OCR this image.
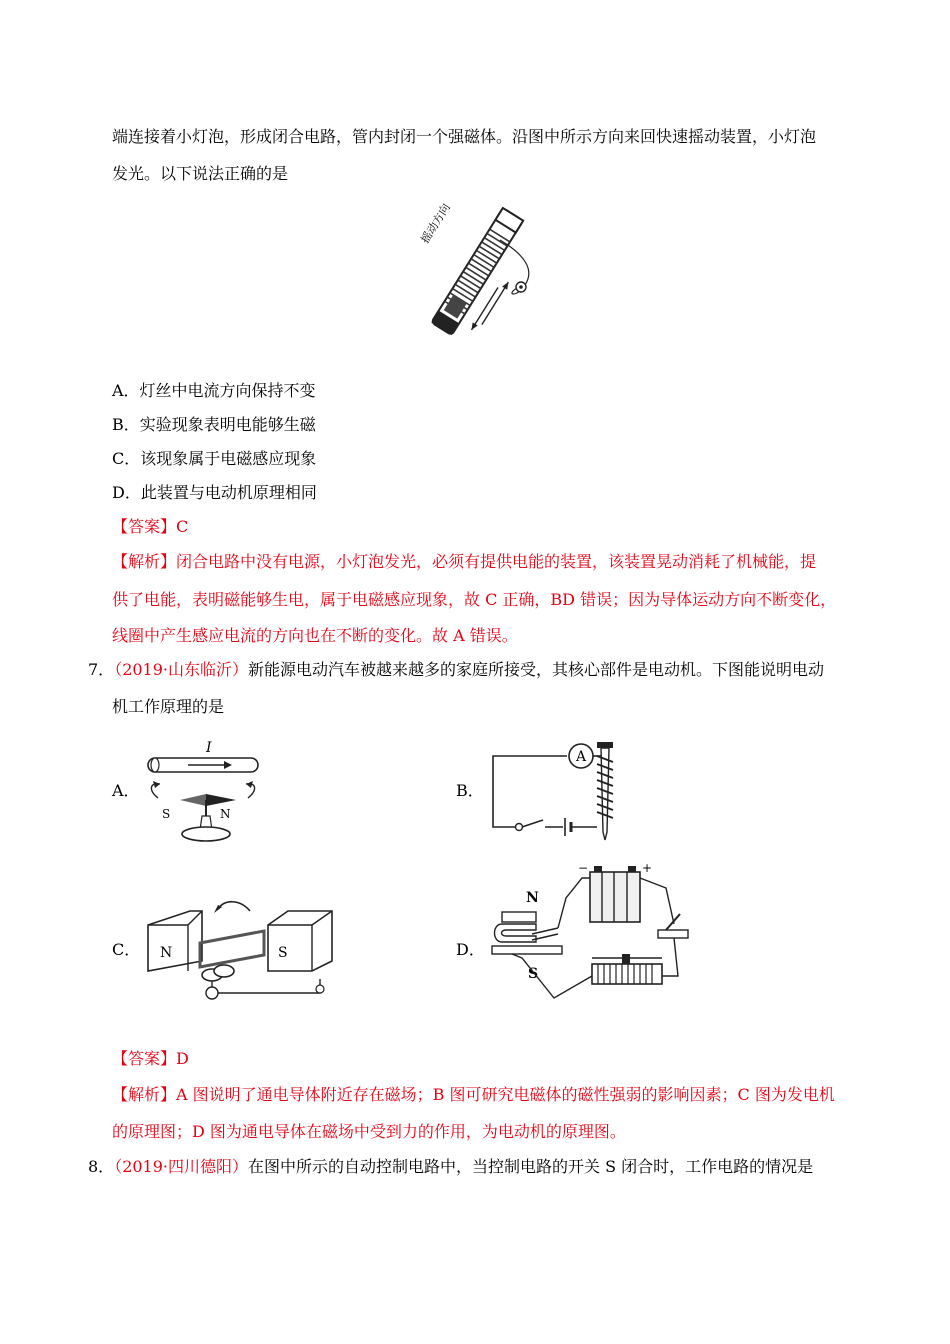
端连接着小灯泡，形成闭合电路，管内封闭一个强磁体。沿图中所示方向来回快速摇动装置，小灯泡
发光。以下说法正确的是
摇动方向
A．灯丝中电流方向保持不变
B．实验现象表明电能够生磁
C．该现象属于电磁感应现象
D．此装置与电动机原理相同
【答案】C
【解析】闭合电路中没有电源，小灯泡发光，必须有提供电能的装置，该装置晃动消耗了机械能，提
供了电能，表明磁能够生电，属于电磁感应现象，故 C 正确，BD 错误；因为导体运动方向不断变化，
线圈中产生感应电流的方向也在不断的变化。故 A 错误。
7．（2019·山东临沂）新能源电动汽车被越来越多的家庭所接受，其核心部件是电动机。下图能说明电动
机工作原理的是
A．	B．
C．	D．
I
S	N
A
N	S
N
S
−	+
【答案】D
【解析】A 图说明了通电导体附近存在磁场；B 图可研究电磁体的磁性强弱的影响因素；C 图为发电机
的原理图；D 图为通电导体在磁场中受到力的作用，为电动机的原理图。
8．（2019·四川德阳）在图中所示的自动控制电路中，当控制电路的开关 S 闭合时，工作电路的情况是
